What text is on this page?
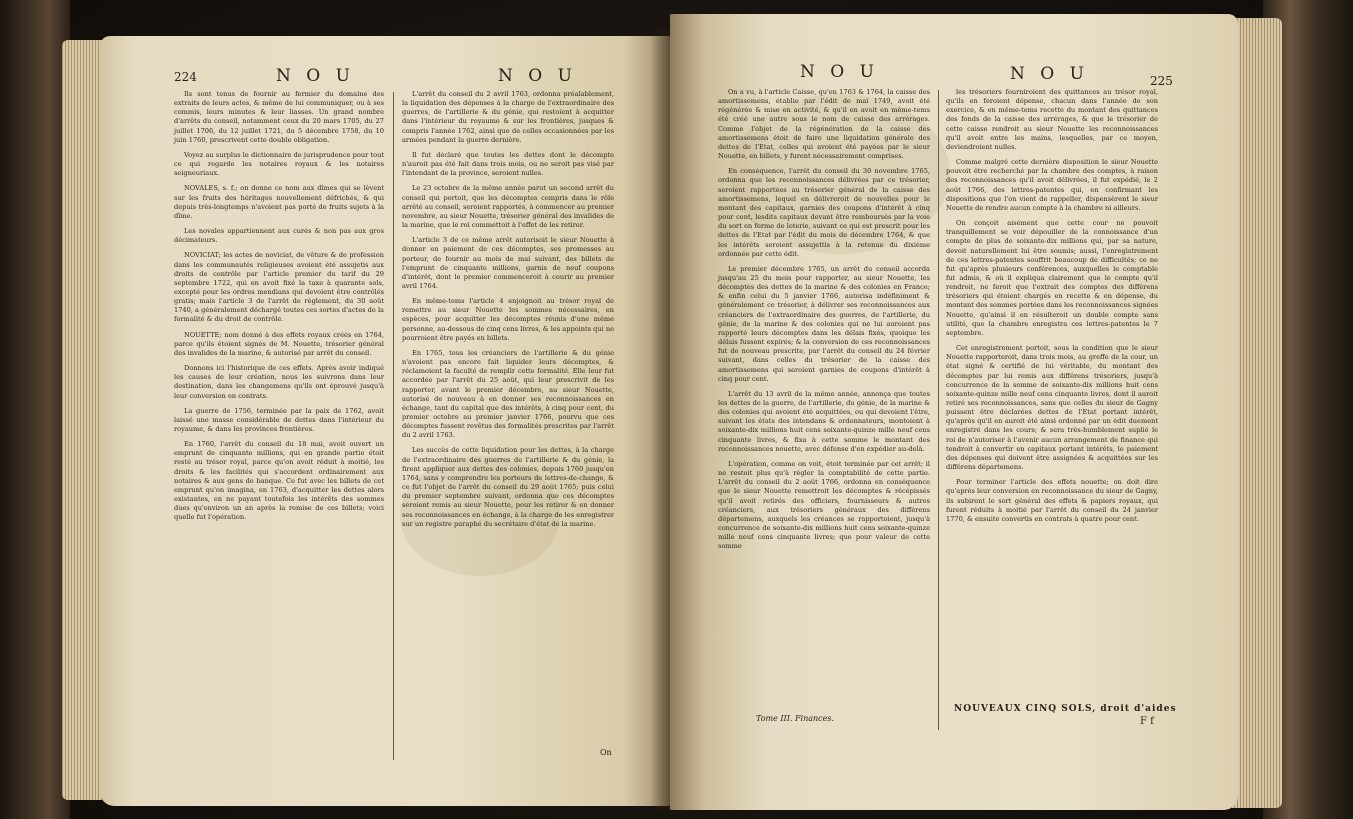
224	N O U	N O U

Ils sont tenus de fournir au fermier du domaine des extraits de leurs actes, & même de lui communiquer, ou à ses commis, leurs minutes & leur liasses. Un grand nombre d'arrêts du conseil, notamment ceux du 20 mars 1705, du 27 juillet 1706, du 12 juillet 1721, du 5 décembre 1758, du 10 juin 1760, prescrivent cette double obligation.

Voyez au surplus le dictionnaire de jurisprudence pour tout ce qui regarde les notaires royaux & les notaires seigneuriaux.

NOVALES, s. f.; on donne ce nom aux dîmes qui se lèvent sur les fruits des héritages nouvellement défrichés, & qui depuis très-longtemps n'avoient pas porté de fruits sujets à la dîme.

Les novales appartiennent aux curés & non pas aux gros décimateurs.

NOVICIAT; les actes de noviciat, de vêture & de profession dans les communautés religieuses avoient été assujetis aux droits de contrôle par l'article premier du tarif du 29 septembre 1722, qui en avoit fixé la taxe à quarante sols, excepté pour les ordres mendians qui devoient être contrôlés gratis; mais l'article 3 de l'arrêt de règlement, du 30 août 1740, a généralement déchargé toutes ces sortes d'actes de la formalité & du droit de contrôle.

NOUETTE; nom donné à des effets royaux créés en 1764, parce qu'ils étoient signés de M. Nouette, trésorier général des invalides de la marine, & autorisé par arrêt du conseil.

Donnons ici l'historique de ces effets. Après avoir indiqué les causes de leur création, nous les suivrons dans leur destination, dans les changemens qu'ils ont éprouvé jusqu'à leur conversion en contrats.

La guerre de 1756, terminée par la paix de 1762, avoit laissé une masse considérable de dettes dans l'intérieur du royaume, & dans les provinces frontières.

En 1760, l'arrêt du conseil du 18 mai, avoit ouvert un emprunt de cinquante millions, qui en grande partie étoit resté au trésor royal, parce qu'on avoit réduit à moitié, les droits & les facilités qui s'accordent ordinairement aux notaires & aux gens de banque. Ce fut avec les billets de cet emprunt qu'on imagina, en 1763, d'acquitter les dettes alors existantes, en ne payant toutefois les intérêts des sommes dues qu'environ un an après la remise de ces billets; voici quelle fut l'opération.

L'arrêt du conseil du 2 avril 1763, ordonna préalablement, la liquidation des dépenses à la charge de l'extraordinaire des guerres, de l'artillerie & du génie, qui restoient à acquitter dans l'intérieur du royaume & sur les frontières, jusques & compris l'année 1762, ainsi que de celles occasionnées par les armées pendant la guerre dernière.

Il fut déclaré que toutes les dettes dont le décompte n'auroit pas été fait dans trois mois, ou ne seroit pas visé par l'intendant de la province, seroient nulles.

Le 23 octobre de la même année parut un second arrêt du conseil qui portoit, que les décomptes compris dans le rôle arrêté au conseil, seroient rapportés, à commencer au premier novembre, au sieur Nouette, trésorier général des invalides de la marine, que le roi commettoit à l'effet de les retirer.

L'article 3 de ce même arrêt autorisoit le sieur Nouette à donner en paiement de ces décomptes, ses promesses au porteur, de fournir au mois de mai suivant, des billets de l'emprunt de cinquante millions, garnis de neuf coupons d'intérêt, dont le premier commenceroit à courir au premier avril 1764.

En même-tems l'article 4 enjoignoit au trésor royal de remettre au sieur Nouette les sommes nécessaires, en espèces, pour acquitter les décomptes réunis d'une même personne, au-dessous de cinq cens livres, & les appoints qui ne pourroient être payés en billets.

En 1765, tous les créanciers de l'artillerie & du génie n'avoient pas encore fait liquider leurs décomptes, & réclamoient la faculté de remplir cette formalité. Elle leur fut accordée par l'arrêt du 25 août, qui leur prescrivit de les rapporter, avant le premier décembre, au sieur Nouette, autorisé de nouveau à en donner ses reconnoissances en échange, tant du capital que des intérêts, à cinq pour cent, du premier octobre au premier janvier 1766, pourvu que ces décomptes fussent revêtus des formalités prescrites par l'arrêt du 2 avril 1763.

Les succès de cette liquidation pour les dettes, à la charge de l'extraordinaire des guerres de l'artillerie & du génie, la firent appliquer aux dettes des colonies, depuis 1760 jusqu'en 1764, sans y comprendre les porteurs de lettres-de-change, & ce fut l'objet de l'arrêt du conseil du 29 août 1765; puis celui du premier septembre suivant, ordonna que ces décomptes seroient remis au sieur Nouette, pour les retirer & en donner ses reconnoissances en échange, à la charge de les enregistrer sur un registre paraphé du secrétaire d'état de la marine.

On
N O U	N O U	225

On a vu, à l'article Caisse, qu'en 1763 & 1764, la caisse des amortissemens, établie par l'édit de mai 1749, avoit été régénérée & mise en activité, & qu'il en avoit en même-tems été créé une autre sous le nom de caisse des arrérages. Comme l'objet de la régénération de la caisse des amortissemens étoit de faire une liquidation générale des dettes de l'Etat, celles qui avoient été payées par le sieur Nouette, en billets, y furent nécessairement comprises.

En conséquence, l'arrêt du conseil du 30 novembre 1765, ordonna que les reconnoissances délivrées par ce trésorier, seroient rapportées au trésorier général de la caisse des amortissemens, lequel en délivreroit de nouvelles pour le montant des capitaux, garnies des coupons d'intérêt à cinq pour cent, lesdits capitaux devant être remboursés par la voie du sort en forme de loterie, suivant ce qui est prescrit pour les dettes de l'Etat par l'édit du mois de décembre 1764, & que les intérêts seroient assujettis à la retenue du dixième ordonnée par cette édit.

Le premier décembre 1765, un arrêt du conseil accorda jusqu'au 25 du mois pour rapporter, au sieur Nouette, les décomptes des dettes de la marine & des colonies en France; & enfin celui du 5 janvier 1766, autorisa indéfiniment & généralement ce trésorier, à délivrer ses reconnoissances aux créanciers de l'extraordinaire des guerres, de l'artillerie, du génie, de la marine & des colonies qui ne lui auroient pas rapporté leurs décomptes dans les délais fixés, quoique les délais fussent expirés; & la conversion de ces reconnoissances fut de nouveau prescrite, par l'arrêt du conseil du 24 février suivant, dans celles du trésorier de la caisse des amortissemens qui seroient garnies de coupons d'intérêt à cinq pour cent.

L'arrêt du 13 avril de la même année, annonça que toutes les dettes de la guerre, de l'artillerie, du génie, de la marine & des colonies qui avoient été acquittées, ou qui devoient l'être, suivant les états des intendans & ordonnateurs, montoient à soixante-dix millions huit cens soixante-quinze mille neuf cens cinquante livres, & fixa à cette somme le montant des reconnoissances nouette, avec défense d'en expédier au-delà.

L'opération, comme on voit, étoit terminée par cet arrêt; il ne restoit plus qu'à régler la comptabilité de cette partie. L'arrêt du conseil du 2 août 1766, ordonna en conséquence que le sieur Nouette remettroit les décomptes & récépissés qu'il avoit retirés des officiers, fournisseurs & autres créanciers, aux trésoriers généraux des différens départemens, auxquels les créances se rapportoient, jusqu'à concurrence de soixante-dix millions huit cens soixante-quinze mille neuf cens cinquante livres; que pour valeur de cette somme

les trésoriers fourniroient des quittances au trésor royal, qu'ils en feroient dépense, chacun dans l'année de son exercice, & en même-tems recette du montant des quittances des fonds de la caisse des arrérages, & que le trésorier de cette caisse rendroit au sieur Nouette les reconnoissances qu'il avoit entre les mains, lesquelles, par ce moyen, deviendroient nulles.

Comme malgré cette dernière disposition le sieur Nouette pouvoit être recherché par la chambre des comptes, à raison des reconnoissances qu'il avoit délivrées, il fut expédié, le 2 août 1766, des lettres-patentes qui, en confirmant les dispositions que l'on vient de rappeller, dispensèrent le sieur Nouette de rendre aucun compte à la chambre ni ailleurs.

On conçoit aisément que cette cour ne pouvoit tranquillement se voir dépouiller de la connoissance d'un compte de plus de soixante-dix millions qui, par sa nature, devoit naturellement lui être soumis; aussi, l'enregistrement de ces lettres-patentes souffrit beaucoup de difficultés; ce ne fut qu'après plusieurs conférences, auxquelles le comptable fut admis, & où il expliqua clairement que le compte qu'il rendroit, ne feroit que l'extrait des comptes des différens trésoriers qui étoient chargés en recette & en dépense, du montant des sommes portées dans les reconnoissances signées Nouette, qu'ainsi il en résulteroit un double compte sans utilité, que la chambre enregistra ces lettres-patentes le 7 septembre.

Cet enregistrement portoit, sous la condition que le sieur Nouette rapporteroit, dans trois mois, au greffe de la cour, un état signé & certifié de lui véritable, du montant des décomptes par lui remis aux différens trésoriers, jusqu'à concurrence de la somme de soixante-dix millions huit cens soixante-quinze mille neuf cens cinquante livres, dont il auroit retiré ses reconnoissances, sans que celles du sieur de Gagny puissent être déclarées dettes de l'Etat portant intérêt, qu'après qu'il en auroit été ainsi ordonné par un édit duement enregistré dans les cours; & sera très-humblement suplié le roi de n'autoriser à l'avenir aucun arrangement de finance qui tendroit à convertir en capitaux portant intérêts, le paiement des dépenses qui doivent être assignées & acquittées sur les différens départemens.

Pour terminer l'article des effets nouette; on doit dire qu'après leur conversion en reconnoissance du sieur de Gagny, ils subirent le sort général des effets & papiers royaux, qui furent réduits à moitié par l'arrêt du conseil du 24 janvier 1770, & ensuite convertis en contrats à quatre pour cent.

Tome III. Finances.
NOUVEAUX CINQ SOLS, droit d'aides
F f
